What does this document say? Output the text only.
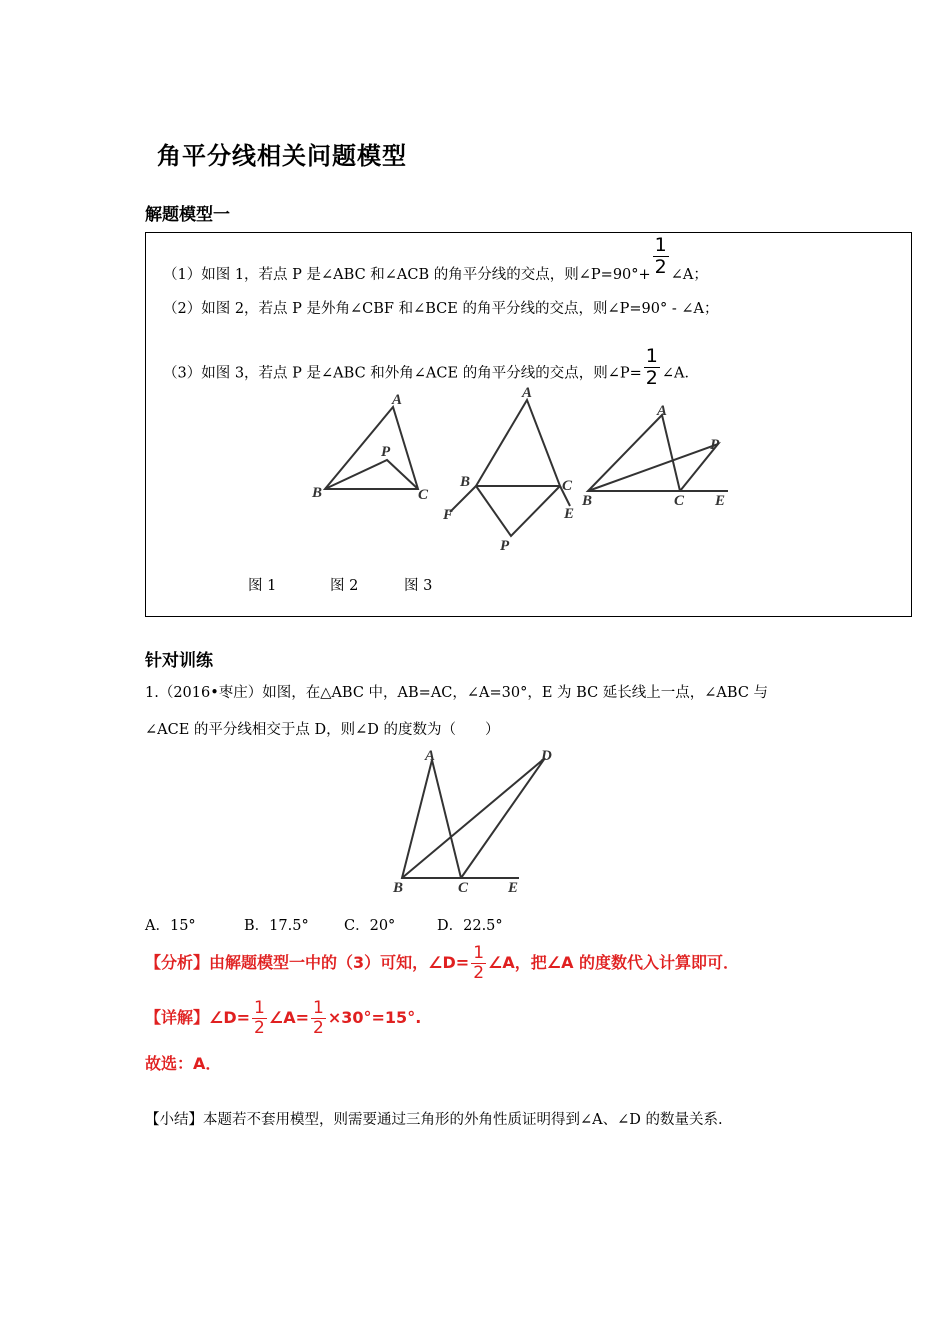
角平分线相关问题模型
解题模型一
（1）如图 1，若点 P 是∠ABC 和∠ACB 的角平分线的交点，则∠P=90°+ $\frac{1}{2}$ ∠A；
（2）如图 2，若点 P 是外角∠CBF 和∠BCE 的角平分线的交点，则∠P=90° - ∠A；
（3）如图 3，若点 P 是∠ABC 和外角∠ACE 的角平分线的交点，则∠P= $\frac{1}{2}$ ∠A．
A
B	C
P
A
B	C
F	E
P
A
B	C E
P
图 1	图 2	图 3
针对训练
1.（2016•枣庄）如图，在△ABC 中，AB=AC，∠A=30°，E 为 BC 延长线上一点，∠ABC 与
∠ACE 的平分线相交于点 D，则∠D 的度数为（　　）
A
B	C
D
E
A．15°	B．17.5° C．20°	D．22.5°
【分析】由解题模型一中的（3）可知，∠D= $\frac{1}{2}$ ∠A，把∠A 的度数代入计算即可．
【详解】∠D= $\frac{1}{2}$ ∠A= $\frac{1}{2} \times 30^\circ=15^\circ$.
故选：A．
【小结】本题若不套用模型，则需要通过三角形的外角性质证明得到∠A、∠D 的数量关系.
